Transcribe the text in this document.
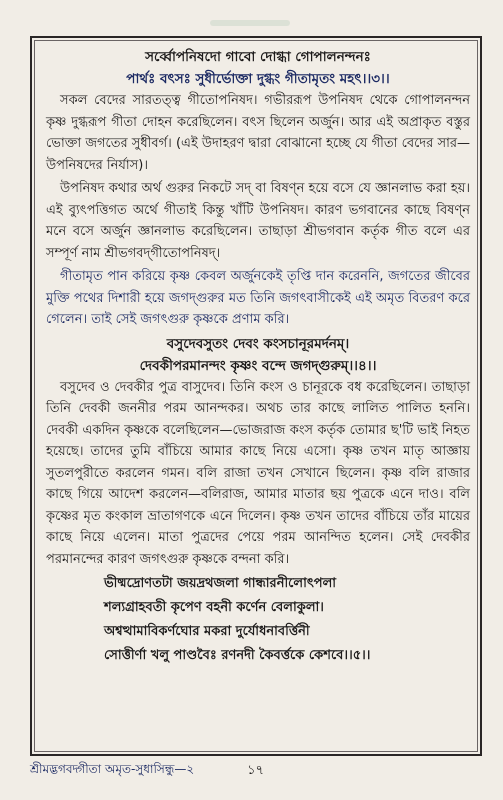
সর্ব্বোপনিষদো গাবো দোগ্ধা গোপালনন্দনঃ
পার্থঃ বৎসঃ সুধীর্ভোক্তা দুগ্ধং গীতামৃতং মহৎ।।৩।।

সকল বেদের সারতত্ত্ব গীতোপনিষদ। গভীররূপ উপনিষদ থেকে গোপালনন্দন কৃষ্ণ দুগ্ধরূপ গীতা দোহন করেছিলেন। বৎস ছিলেন অর্জুন। আর এই অপ্রাকৃত বস্তুর ভোক্তা জগতের সুধীবর্গ। (এই উদাহরণ দ্বারা বোঝানো হচ্ছে যে গীতা বেদের সার—উপনিষদের নির্যাস)।

উপনিষদ কথার অর্থ গুরুর নিকটে সদ্ বা বিষণ্ন হয়ে বসে যে জ্ঞানলাভ করা হয়। এই ব্যুৎপত্তিগত অর্থে গীতাই কিন্তু খাঁটি উপনিষদ। কারণ ভগবানের কাছে বিষণ্ন মনে বসে অর্জুন জ্ঞানলাভ করেছিলেন। তাছাড়া শ্রীভগবান কর্তৃক গীত বলে এর সম্পূর্ণ নাম শ্রীভগবদ্‌গীতোপনিষদ্।

গীতামৃত পান করিয়ে কৃষ্ণ কেবল অর্জুনকেই তৃপ্তি দান করেননি, জগতের জীবের মুক্তি পথের দিশারী হয়ে জগদ্‌গুরুর মত তিনি জগৎবাসীকেই এই অমৃত বিতরণ করে গেলেন। তাই সেই জগৎগুরু কৃষ্ণকে প্রণাম করি।

বসুদেবসুতং দেবং কংসচানূরমর্দনম্।
দেবকীপরমানন্দং কৃষ্ণং বন্দে জগদ্‌গুরুম্।।৪।।

বসুদেব ও দেবকীর পুত্র বাসুদেব। তিনি কংস ও চানূরকে বধ করেছিলেন। তাছাড়া তিনি দেবকী জননীর পরম আনন্দকর। অথচ তার কাছে লালিত পালিত হননি। দেবকী একদিন কৃষ্ণকে বলেছিলেন—ভোজরাজ কংস কর্তৃক তোমার ছ'টি ভাই নিহত হয়েছে। তাদের তুমি বাঁচিয়ে আমার কাছে নিয়ে এসো। কৃষ্ণ তখন মাতৃ আজ্ঞায় সুতলপুরীতে করলেন গমন। বলি রাজা তখন সেখানে ছিলেন। কৃষ্ণ বলি রাজার কাছে গিয়ে আদেশ করলেন—বলিরাজ, আমার মাতার ছয় পুত্রকে এনে দাও। বলি কৃষ্ণের মৃত কংকাল ভ্রাতাগণকে এনে দিলেন। কৃষ্ণ তখন তাদের বাঁচিয়ে তাঁর মায়ের কাছে নিয়ে এলেন। মাতা পুত্রদের পেয়ে পরম আনন্দিত হলেন। সেই দেবকীর পরমানন্দের কারণ জগৎগুরু কৃষ্ণকে বন্দনা করি।

ভীষ্মদ্রোণতটা জয়দ্রথজলা গান্ধারনীলোৎপলা
শল্যগ্রাহবতী কৃপেণ বহনী কর্ণেন বেলাকুলা।
অশ্বত্থামাবিকর্ণঘোর মকরা দুর্যোধনাবর্ত্তিনী
সোত্তীর্ণা খলু পাণ্ডবৈঃ রণনদী কৈবর্ত্তকে কেশবে।।৫।।
শ্রীমদ্ভগবদ্গীতা অমৃত-সুধাসিন্ধু—২	১৭
